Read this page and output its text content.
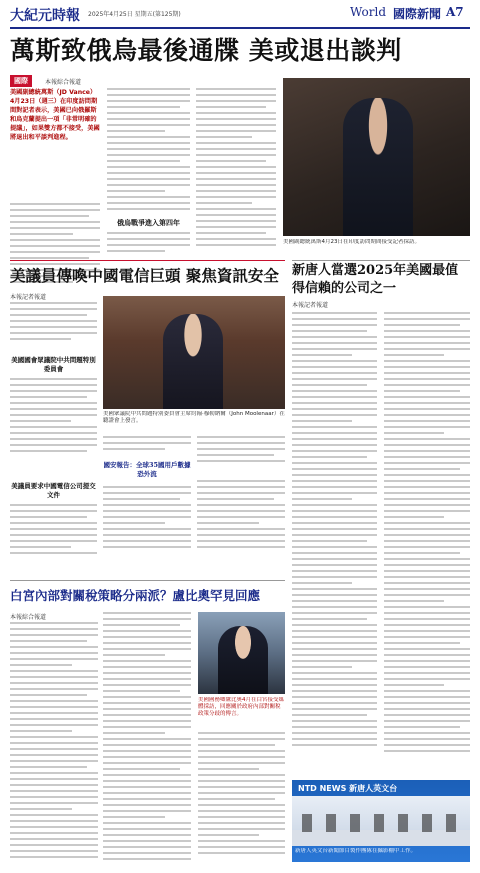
大紀元時報 2025年4月25日 星期五(第125期)	World 國際新聞 A7
萬斯致俄烏最後通牒 美或退出談判
國際	本報綜合報道
美國副總統萬斯（JD Vance）4月23日（週三）在印度訪問期間對記者表示，美國已向俄羅斯和烏克蘭提出一項「非常明確的提議」，如果雙方都不接受，美國將退出和平談判進程。
俄烏戰爭進入第四年
美國副總統萬斯4月23日在印度訪問期間接受記者採訪。
美議員傳喚中國電信巨頭 聚焦資訊安全
本報記者報道
美國國會眾議院中共問題特別委員會
美議員要求中國電信公司提交文件
美國眾議院中共問題特別委員會主席約翰·穆勒納爾（John Moolenaar）在聽證會上發言。
國安報告：全球35國用戶數據恐外流
新唐人當選2025年美國最值得信賴的公司之一
本報記者報道
白宮內部對關稅策略分兩派？盧比奧罕見回應
本報綜合報道
美國國務卿盧比奧4月在白宮接受媒體採訪，回應關於政府內部對關稅政策分歧的傳言。
NTD NEWS 新唐人英文台
新唐人英文台新聞節目製作團隊在攝影棚中工作。
